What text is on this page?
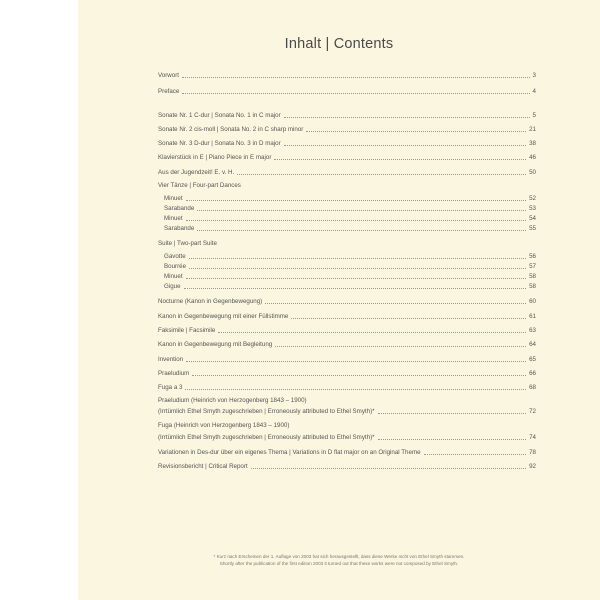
Inhalt | Contents
Vorwort	3
Preface	4
Sonate Nr. 1 C-dur | Sonata No. 1 in C major	5
Sonate Nr. 2 cis-moll | Sonata No. 2 in C sharp minor	21
Sonate Nr. 3 D-dur | Sonata No. 3 in D major	38
Klavierstück in E | Piano Piece in E major	46
Aus der Jugendzeit! E. v. H.	50
Vier Tänze | Four-part Dances
Minuet	52
Sarabande	53
Minuet	54
Sarabande	55
Suite | Two-part Suite
Gavotte	56
Bourrée	57
Minuet	58
Gigue	58
Nocturne (Kanon in Gegenbewegung)	60
Kanon in Gegenbewegung mit einer Füllstimme	61
Faksimile | Facsimile	63
Kanon in Gegenbewegung mit Begleitung	64
Invention	65
Praeludium	66
Fuga a 3	68
Praeludium (Heinrich von Herzogenberg 1843 – 1900)
(Irrtümlich Ethel Smyth zugeschrieben | Erroneously attributed to Ethel Smyth)*	72
Fuga (Heinrich von Herzogenberg 1843 – 1900)
(Irrtümlich Ethel Smyth zugeschrieben | Erroneously attributed to Ethel Smyth)*	74
Variationen in Des-dur über ein eigenes Thema | Variations in D flat major on an Original Theme	78
Revisionsbericht | Critical Report	92
* Kurz nach Erscheinen der 1. Auflage von 2003 hat sich herausgestellt, dass diese Werke nicht von Ethel Smyth stammen.
Shortly after the publication of the first edition 2003 it turned out that these works were not composed by Ethel Smyth.
